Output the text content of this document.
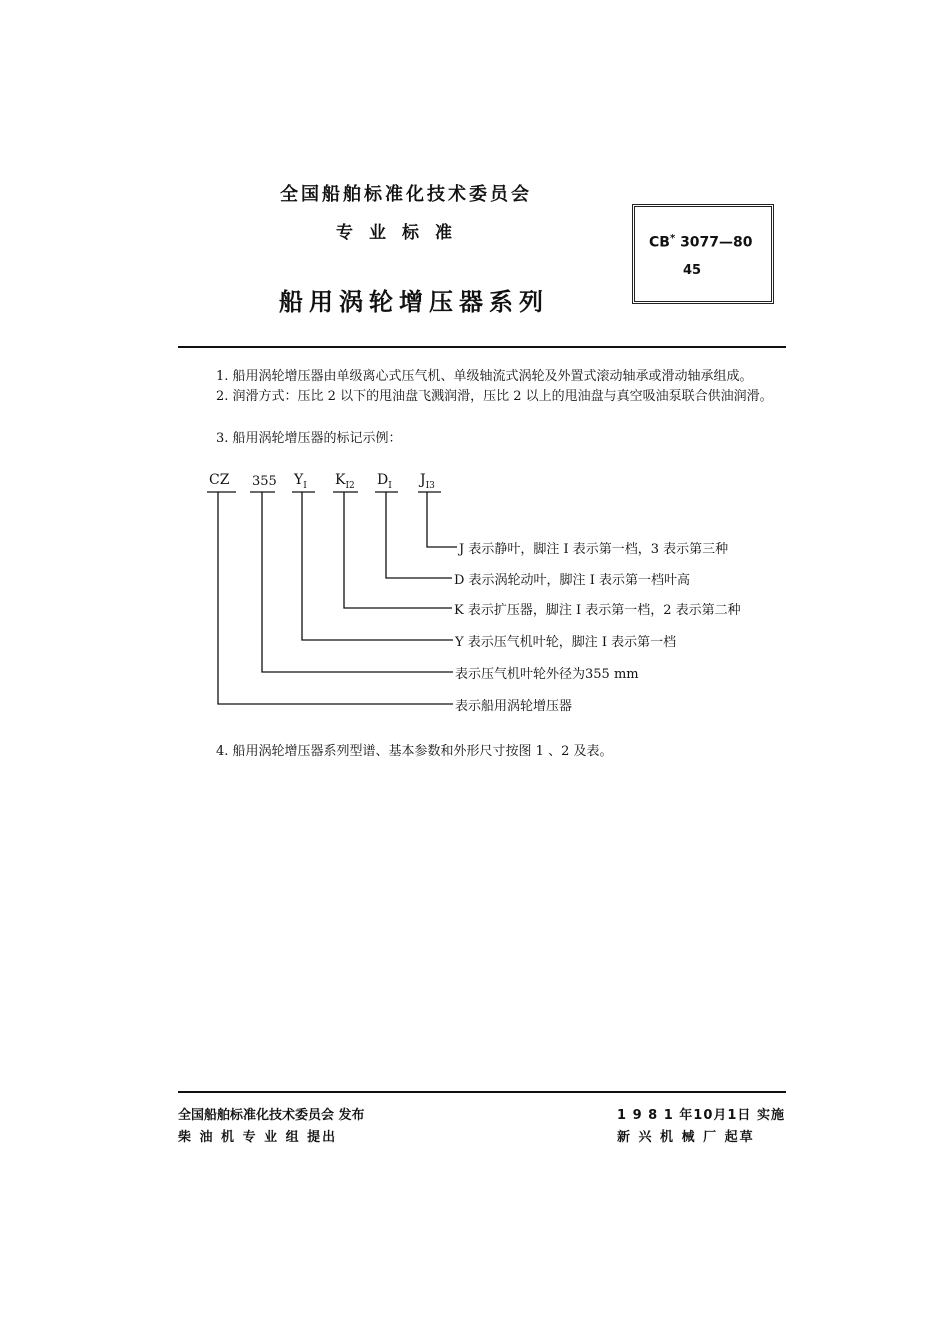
全国船舶标准化技术委员会
专业标准
船用涡轮增压器系列
CB* 3077—80
45
1. 船用涡轮增压器由单级离心式压气机、单级轴流式涡轮及外置式滚动轴承或滑动轴承组成。
2. 润滑方式：压比 2 以下的甩油盘飞溅润滑，压比 2 以上的甩油盘与真空吸油泵联合供油润滑。
3. 船用涡轮增压器的标记示例：
CZ 355 $Y_I$ $K_{I2}$ $D_I$ $J_{I3}$
J 表示静叶，脚注 I 表示第一档，3 表示第三种
D 表示涡轮动叶，脚注 I 表示第一档叶高
K 表示扩压器，脚注 I 表示第一档，2 表示第二种
Y 表示压气机叶轮，脚注 I 表示第一档
表示压气机叶轮外径为355 mm
表示船用涡轮增压器
4. 船用涡轮增压器系列型谱、基本参数和外形尺寸按图 1 、2 及表。
全国船舶标准化技术委员会 发布
柴 油 机 专 业 组 提出
1 9 8 1 年10月1日 实施
新 兴 机 械 厂 起草
